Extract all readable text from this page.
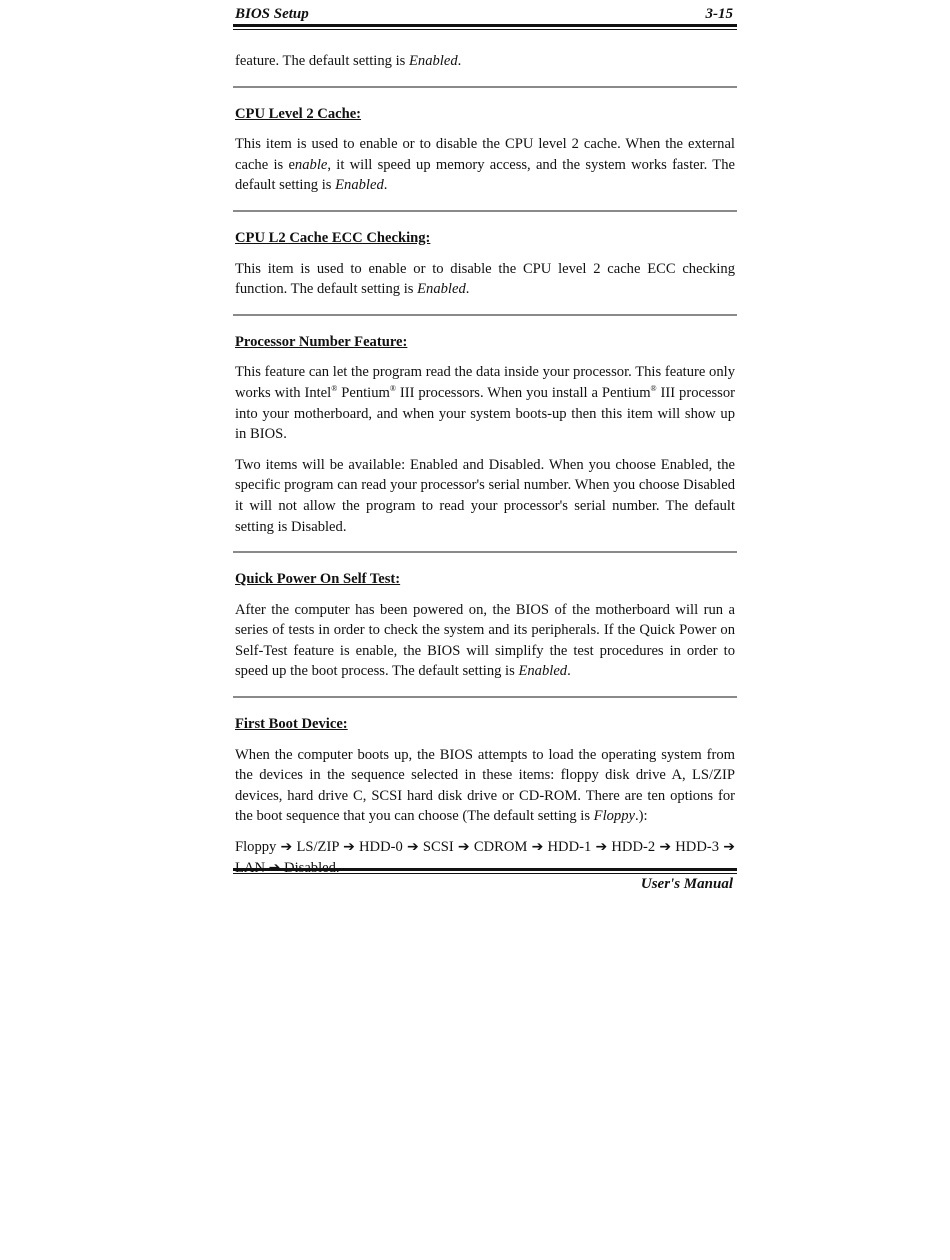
BIOS Setup	3-15

feature. The default setting is Enabled.

CPU Level 2 Cache:

This item is used to enable or to disable the CPU level 2 cache. When the external cache is enable, it will speed up memory access, and the system works faster. The default setting is Enabled.

CPU L2 Cache ECC Checking:

This item is used to enable or to disable the CPU level 2 cache ECC checking function. The default setting is Enabled.

Processor Number Feature:

This feature can let the program read the data inside your processor. This feature only works with Intel® Pentium® III processors. When you install a Pentium® III processor into your motherboard, and when your system boots-up then this item will show up in BIOS.

Two items will be available: Enabled and Disabled. When you choose Enabled, the specific program can read your processor's serial number. When you choose Disabled it will not allow the program to read your processor's serial number. The default setting is Disabled.

Quick Power On Self Test:

After the computer has been powered on, the BIOS of the motherboard will run a series of tests in order to check the system and its peripherals. If the Quick Power on Self-Test feature is enable, the BIOS will simplify the test procedures in order to speed up the boot process. The default setting is Enabled.

First Boot Device:

When the computer boots up, the BIOS attempts to load the operating system from the devices in the sequence selected in these items: floppy disk drive A, LS/ZIP devices, hard drive C, SCSI hard disk drive or CD-ROM. There are ten options for the boot sequence that you can choose (The default setting is Floppy.):

Floppy ➔ LS/ZIP ➔ HDD-0 ➔ SCSI ➔ CDROM ➔ HDD-1 ➔ HDD-2 ➔ HDD-3 ➔

User's Manual
